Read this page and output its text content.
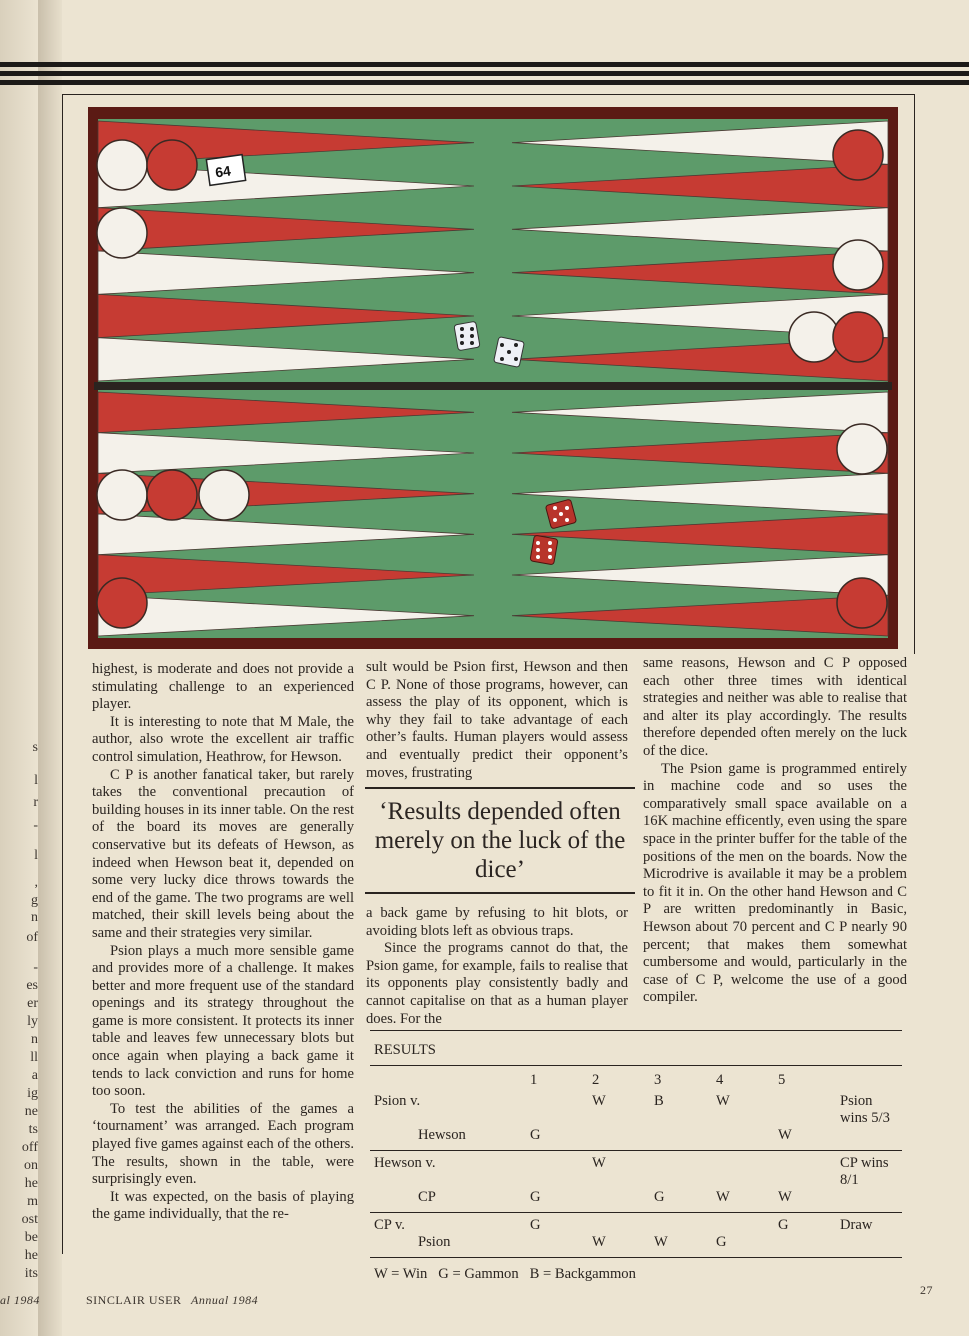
s
l
r
-
l
,
g
n
of
-
es
er
ly
n
ll
a
ig
ne
ts
off
on
he
m
ost
be
he
its
al 1984
64

highest, is moderate and does not provide a stimulating challenge to an experienced player.

It is interesting to note that M Male, the author, also wrote the excellent air traffic control simulation, Heathrow, for Hewson.

C P is another fanatical taker, but rarely takes the conventional precaution of building houses in its inner table. On the rest of the board its moves are generally conservative but its defeats of Hewson, as indeed when Hewson beat it, depended on some very lucky dice throws towards the end of the game. The two programs are well matched, their skill levels being about the same and their strategies very similar.

Psion plays a much more sensible game and provides more of a challenge. It makes better and more frequent use of the standard openings and its strategy throughout the game is more consistent. It protects its inner table and leaves few unnecessary blots but once again when playing a back game it tends to lack conviction and runs for home too soon.

To test the abilities of the games a ‘tournament’ was arranged. Each program played five games against each of the others. The results, shown in the table, were surprisingly even.

It was expected, on the basis of playing the game individually, that the re-

sult would be Psion first, Hewson and then C P. None of those programs, however, can assess the play of its opponent, which is why they fail to take advantage of each other’s faults. Human players would assess and eventually predict their opponent’s moves, frustrating

‘Results depended often merely on the luck of the dice’

a back game by refusing to hit blots, or avoiding blots left as obvious traps.

Since the programs cannot do that, the Psion game, for example, fails to realise that its opponents play consistently badly and cannot capitalise on that as a human player does. For the

same reasons, Hewson and C P opposed each other three times with identical strategies and neither was able to realise that and alter its play accordingly. The results therefore depended often merely on the luck of the dice.

The Psion game is programmed entirely in machine code and so uses the comparatively small space available on a 16K machine efficently, even using the spare space in the printer buffer for the table of the positions of the men on the boards. Now the Microdrive is available it may be a problem to fit it in. On the other hand Hewson and C P are written predominantly in Basic, Hewson about 70 percent and C P nearly 90 percent; that makes them somewhat cumbersome and would, particularly in the case of C P, welcome the use of a good compiler.

RESULTS						
	1	2	3	4	5	
Psion v.		W	B	W		Psion wins 5/3
Hewson	G				W	
Hewson v.		W				CP wins 8/1
CP	G		G	W	W	
CP v.	G				G	Draw
Psion		W	W	G		
W = Win   G = Gammon   B = Backgammon						
SINCLAIR USER Annual 1984
27
